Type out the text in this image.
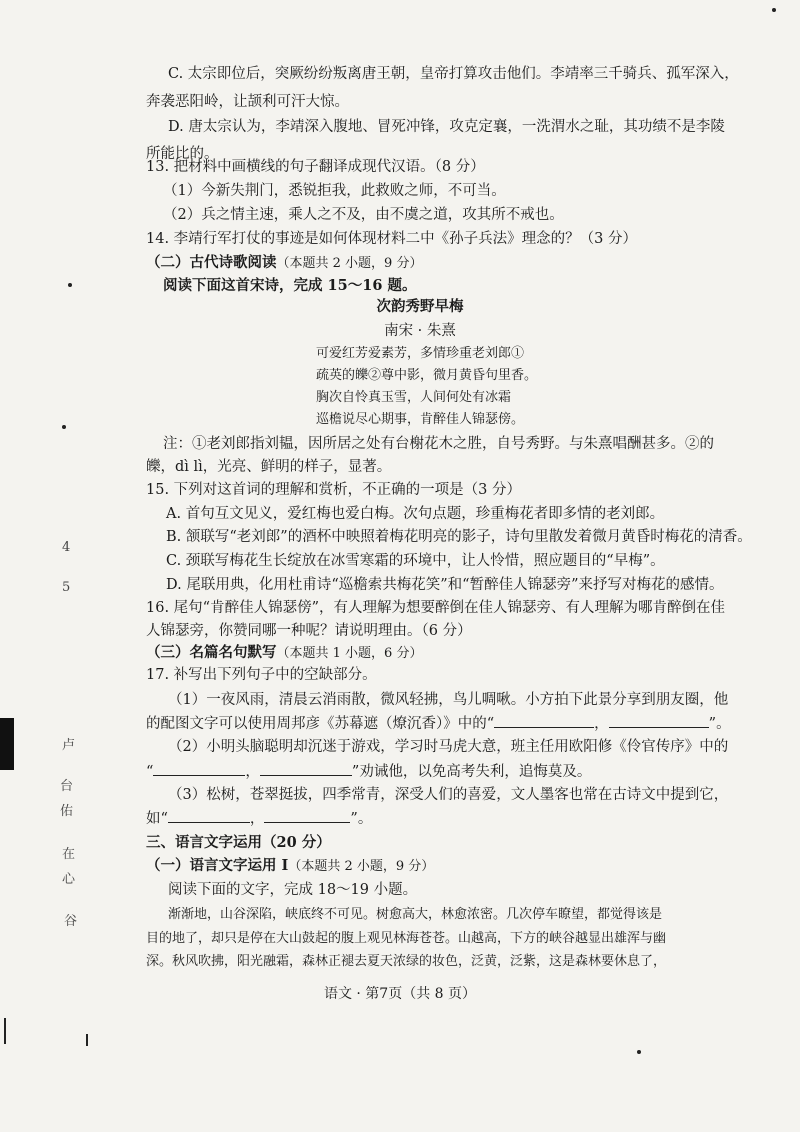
C. 太宗即位后，突厥纷纷叛离唐王朝，皇帝打算攻击他们。李靖率三千骑兵、孤军深入，
奔袭恶阳岭，让颉利可汗大惊。
D. 唐太宗认为，李靖深入腹地、冒死冲锋，攻克定襄，一洗渭水之耻，其功绩不是李陵
所能比的。
13. 把材料中画横线的句子翻译成现代汉语。（8 分）
（1）今新失荆门，悉锐拒我，此救败之师，不可当。
（2）兵之情主速，乘人之不及，由不虞之道，攻其所不戒也。
14. 李靖行军打仗的事迹是如何体现材料二中《孙子兵法》理念的？（3 分）
（二）古代诗歌阅读（本题共 2 小题，9 分）
阅读下面这首宋诗，完成 15～16 题。
次韵秀野早梅
南宋 · 朱熹
可爱红芳爱素芳，多情珍重老刘郎①
疏英的皪②尊中影，微月黄昏句里香。
胸次自怜真玉雪，人间何处有冰霜
巡檐说尽心期事，肯醉佳人锦瑟傍。
注：①老刘郎指刘韫，因所居之处有台榭花木之胜，自号秀野。与朱熹唱酬甚多。②的
皪，dì lì，光亮、鲜明的样子，显著。
15. 下列对这首词的理解和赏析，不正确的一项是（3 分）
A. 首句互文见义，爱红梅也爱白梅。次句点题，珍重梅花者即多情的老刘郎。
B. 颔联写“老刘郎”的酒杯中映照着梅花明亮的影子，诗句里散发着微月黄昏时梅花的清香。
C. 颈联写梅花生长绽放在冰雪寒霜的环境中，让人怜惜，照应题目的“早梅”。
D. 尾联用典，化用杜甫诗“巡檐索共梅花笑”和“暂醉佳人锦瑟旁”来抒写对梅花的感情。
16. 尾句“肯醉佳人锦瑟傍”，有人理解为想要醉倒在佳人锦瑟旁、有人理解为哪肯醉倒在佳
人锦瑟旁，你赞同哪一种呢？请说明理由。（6 分）
（三）名篇名句默写（本题共 1 小题，6 分）
17. 补写出下列句子中的空缺部分。
（1）一夜风雨，清晨云消雨散，微风轻拂，鸟儿啁啾。小方拍下此景分享到朋友圈，他
的配图文字可以使用周邦彦《苏幕遮（燎沉香）》中的“	，	”。
（2）小明头脑聪明却沉迷于游戏，学习时马虎大意，班主任用欧阳修《伶官传序》中的
“	，	”劝诫他，以免高考失利，追悔莫及。
（3）松树，苍翠挺拔，四季常青，深受人们的喜爱，文人墨客也常在古诗文中提到它，
如“	，	”。
三、语言文字运用（20 分）
（一）语言文字运用 Ⅰ（本题共 2 小题，9 分）
阅读下面的文字，完成 18～19 小题。
渐渐地，山谷深陷，峡底终不可见。树愈高大，林愈浓密。几次停车瞭望，都觉得该是
目的地了，却只是停在大山鼓起的腹上观见林海苍苍。山越高，下方的峡谷越显出雄浑与幽
深。秋风吹拂，阳光融霜，森林正褪去夏天浓绿的妆色，泛黄，泛紫，这是森林要休息了，
语文 · 第7页（共 8 页）
4
5
卢
台
佑
在
心
谷
